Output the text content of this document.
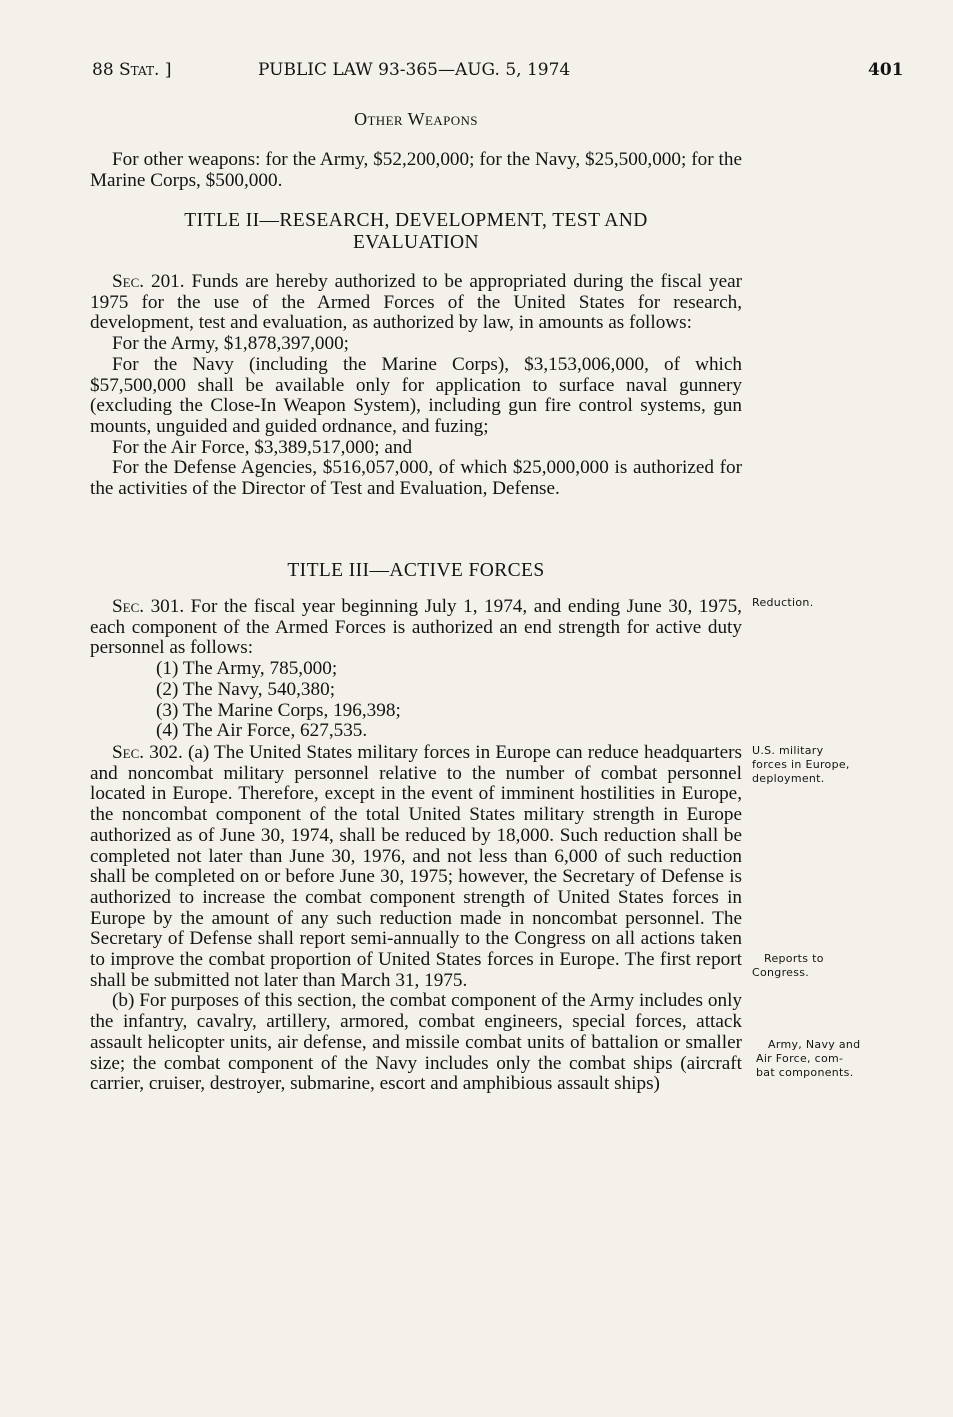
88 Stat. ]	PUBLIC LAW 93-365—AUG. 5, 1974	401
Other Weapons
For other weapons: for the Army, $52,200,000; for the Navy, $25,500,000; for the Marine Corps, $500,000.
TITLE II—RESEARCH, DEVELOPMENT, TEST AND
EVALUATION

Sec. 201. Funds are hereby authorized to be appropriated during the fiscal year 1975 for the use of the Armed Forces of the United States for research, development, test and evaluation, as authorized by law, in amounts as follows:

For the Army, $1,878,397,000;

For the Navy (including the Marine Corps), $3,153,006,000, of which $57,500,000 shall be available only for application to surface naval gunnery (excluding the Close-In Weapon System), including gun fire control systems, gun mounts, unguided and guided ordnance, and fuzing;

For the Air Force, $3,389,517,000; and

For the Defense Agencies, $516,057,000, of which $25,000,000 is authorized for the activities of the Director of Test and Evaluation, Defense.

TITLE III—ACTIVE FORCES

Sec. 301. For the fiscal year beginning July 1, 1974, and ending June 30, 1975, each component of the Armed Forces is authorized an end strength for active duty personnel as follows:

(1) The Army, 785,000;

(2) The Navy, 540,380;

(3) The Marine Corps, 196,398;

(4) The Air Force, 627,535.

Sec. 302. (a) The United States military forces in Europe can reduce headquarters and noncombat military personnel relative to the number of combat personnel located in Europe. Therefore, except in the event of imminent hostilities in Europe, the noncombat component of the total United States military strength in Europe authorized as of June 30, 1974, shall be reduced by 18,000. Such reduction shall be completed not later than June 30, 1976, and not less than 6,000 of such reduction shall be completed on or before June 30, 1975; however, the Secretary of Defense is authorized to increase the combat component strength of United States forces in Europe by the amount of any such reduction made in noncombat personnel. The Secretary of Defense shall report semi-annually to the Congress on all actions taken to improve the combat proportion of United States forces in Europe. The first report shall be submitted not later than March 31, 1975.

(b) For purposes of this section, the combat component of the Army includes only the infantry, cavalry, artillery, armored, combat engineers, special forces, attack assault helicopter units, air defense, and missile combat units of battalion or smaller size; the combat component of the Navy includes only the combat ships (aircraft carrier, cruiser, destroyer, submarine, escort and amphibious assault ships)

Reduction.
U.S. military
forces in Europe,
deployment.
Reports to
Congress.
Army, Navy and
Air Force, com-
bat components.
